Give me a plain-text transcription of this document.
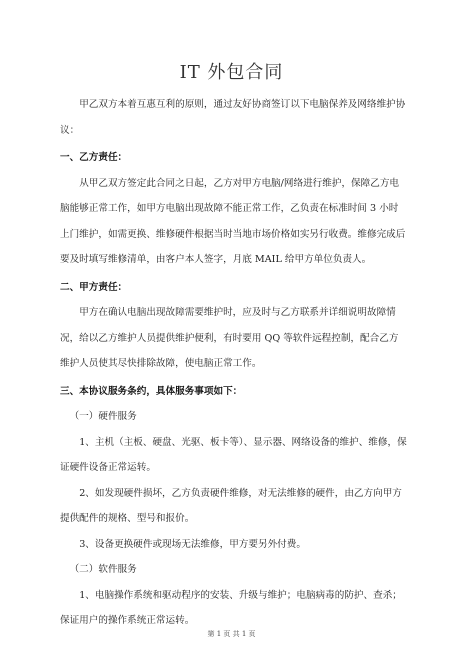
IT 外包合同

甲乙双方本着互惠互利的原则，通过友好协商签订以下电脑保养及网络维护协议：

一、乙方责任：

从甲乙双方签定此合同之日起，乙方对甲方电脑/网络进行维护，保障乙方电脑能够正常工作，如甲方电脑出现故障不能正常工作，乙负责在标准时间 3 小时上门维护，如需更换、维修硬件根据当时当地市场价格如实另行收费。维修完成后要及时填写维修清单，由客户本人签字，月底 MAIL 给甲方单位负责人。

二、甲方责任：

甲方在确认电脑出现故障需要维护时，应及时与乙方联系并详细说明故障情况，给以乙方维护人员提供维护便利，有时要用 QQ 等软件远程控制，配合乙方维护人员使其尽快排除故障，使电脑正常工作。

三、本协议服务条约，具体服务事项如下：

（一）硬件服务

1、主机（主板、硬盘、光驱、板卡等）、显示器、网络设备的维护、维修，保证硬件设备正常运转。

2、如发现硬件损坏，乙方负责硬件维修，对无法维修的硬件，由乙方向甲方提供配件的规格、型号和报价。

3、设备更换硬件或现场无法维修，甲方要另外付费。

（二）软件服务

1、电脑操作系统和驱动程序的安装、升级与维护；电脑病毒的防护、查杀；保证用户的操作系统正常运转。

第 1 页 共 1 页
